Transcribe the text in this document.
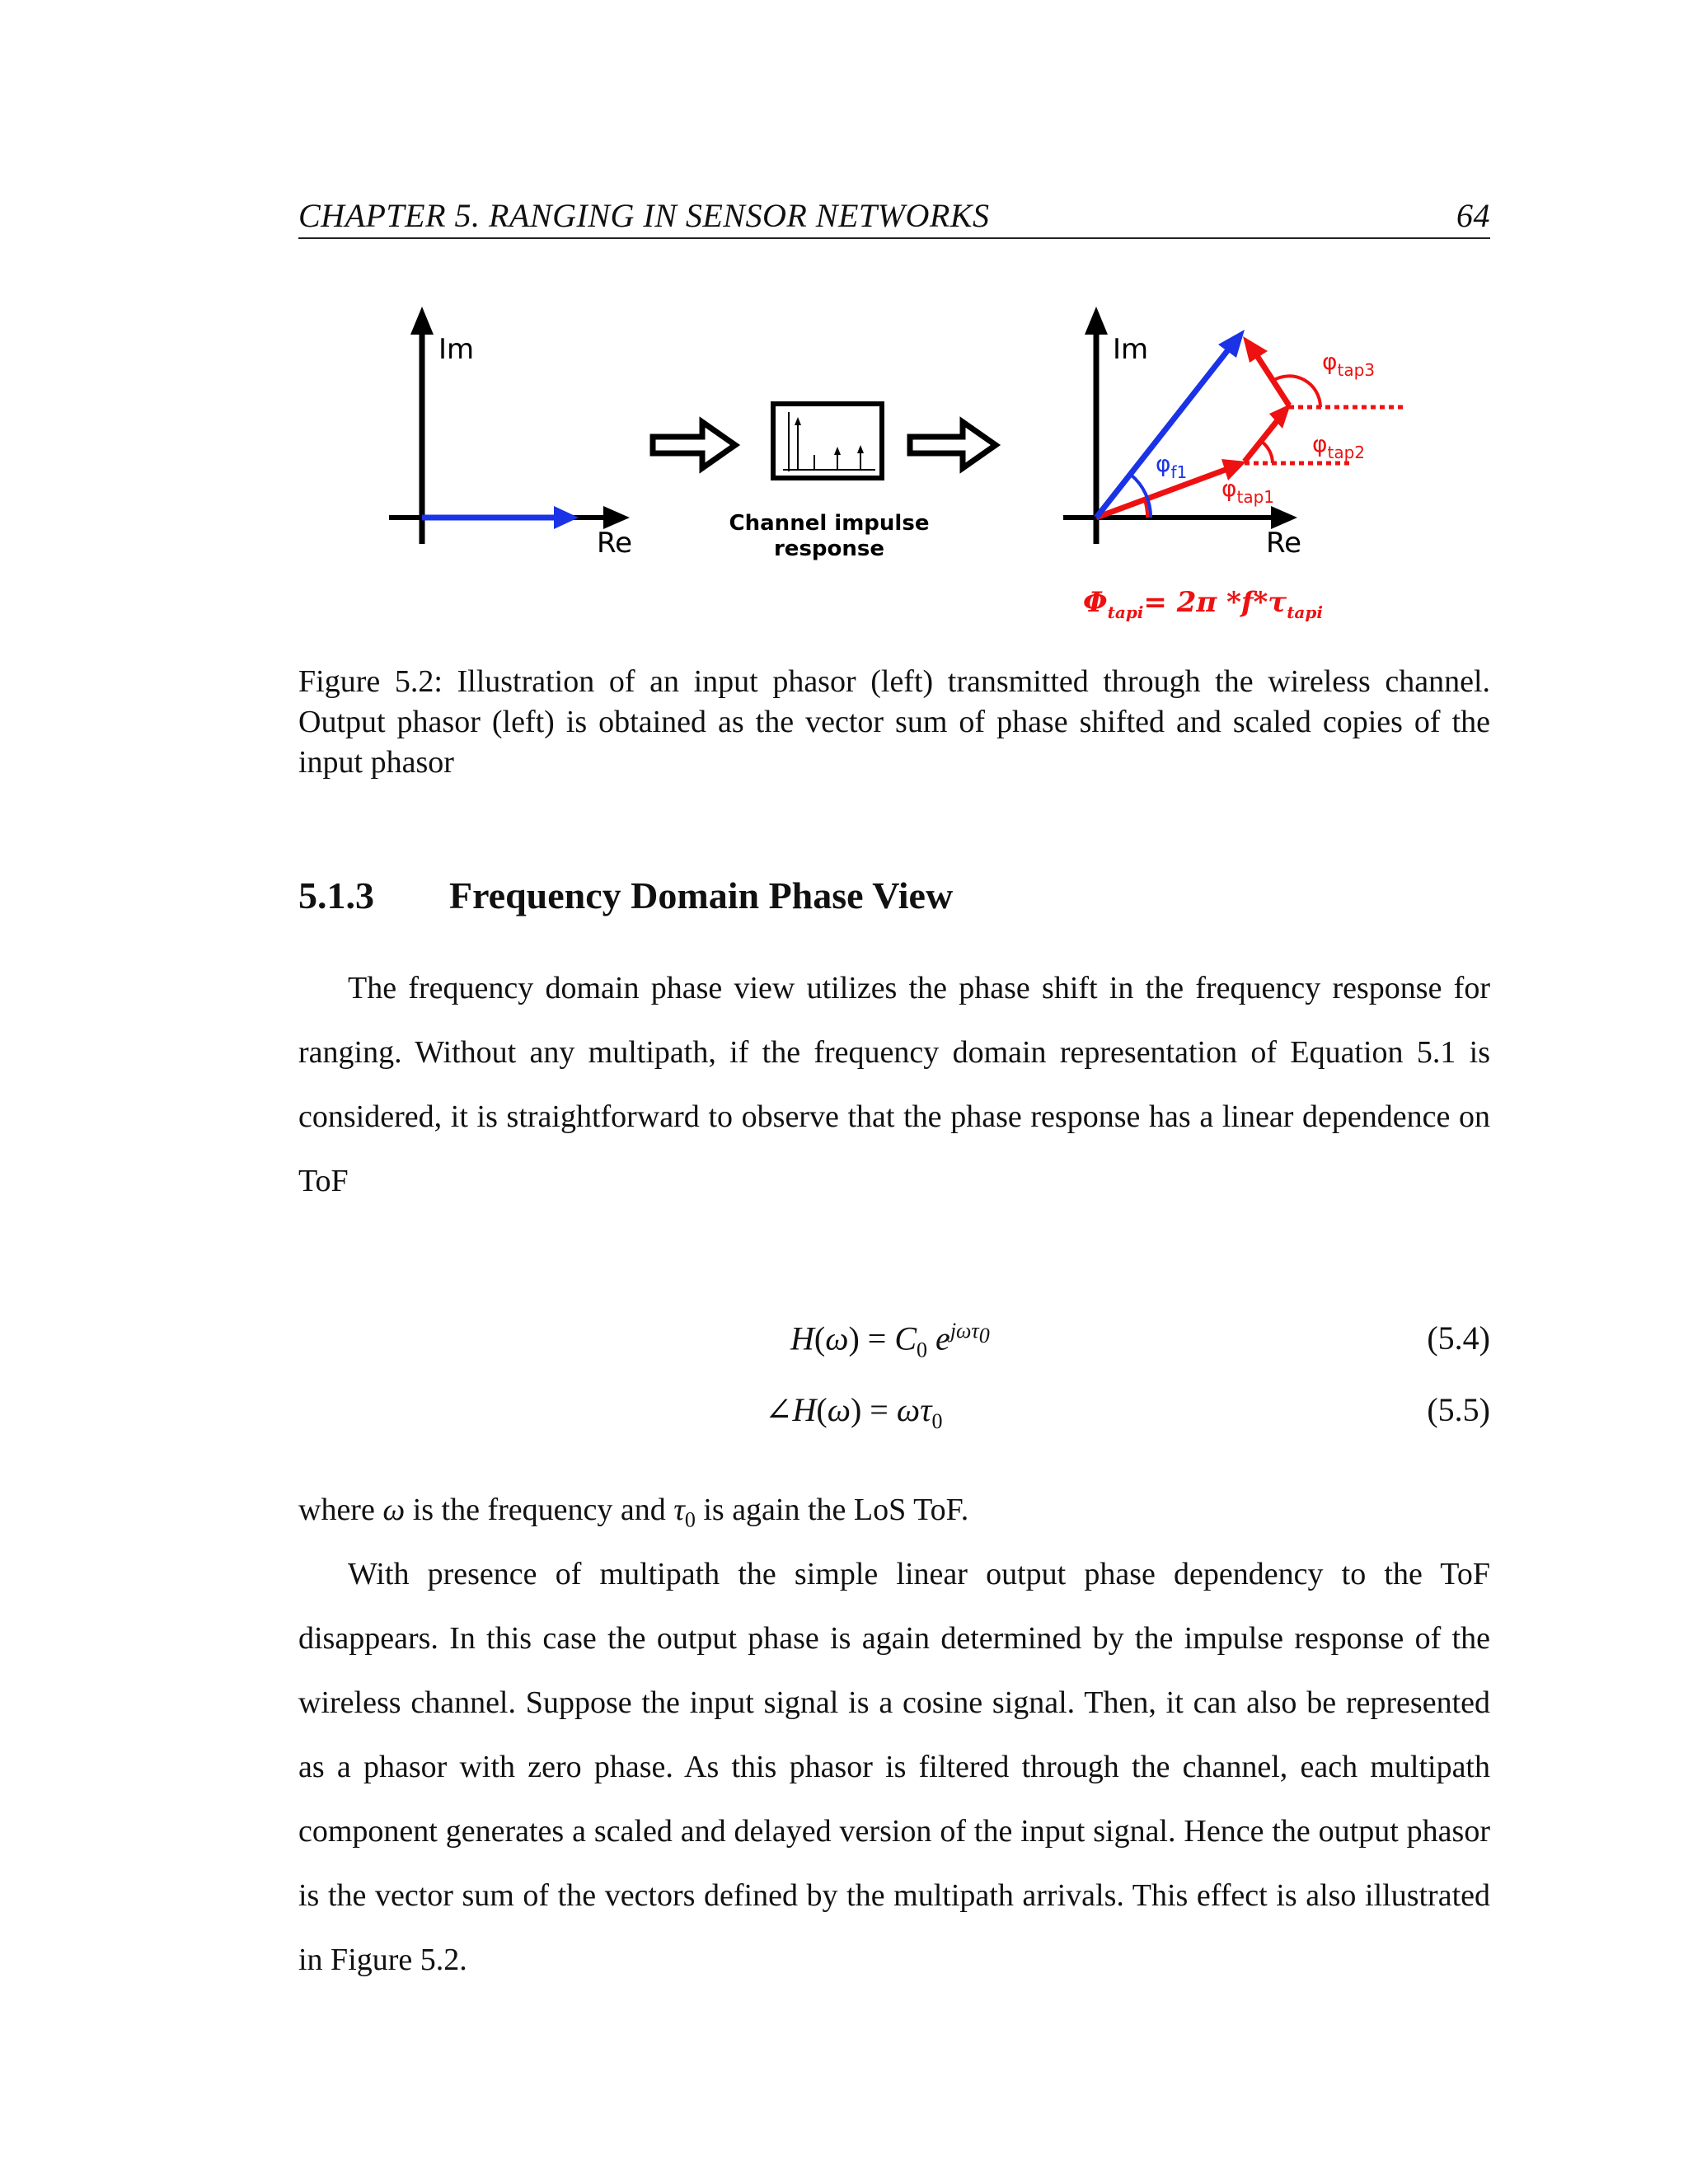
CHAPTER 5. RANGING IN SENSOR NETWORKS	64
Im
Re
Channel impulse
response
Im
Re
$\varphi_{f1}$
$\varphi_{tap1}$
$\varphi_{tap2}$
$\varphi_{tap3}$
$\Phi_{tapi}= 2\pi$ $*f*\tau_{tapi}$
Figure 5.2: Illustration of an input phasor (left) transmitted through the wireless channel. Output phasor (left) is obtained as the vector sum of phase shifted and scaled copies of the input phasor
5.1.3 Frequency Domain Phase View
The frequency domain phase view utilizes the phase shift in the frequency response for ranging. Without any multipath, if the frequency domain representation of Equation 5.1 is considered, it is straightforward to observe that the phase response has a linear dependence on ToF
$H(\omega) = C_0$ $e^{j\omega\tau_0}$	(5.4)
∠H(ω) = $\omega\tau_0$	(5.5)
where ω is the frequency and $\tau_0$ is again the LoS ToF.
With presence of multipath the simple linear output phase dependency to the ToF disappears. In this case the output phase is again determined by the impulse response of the wireless channel. Suppose the input signal is a cosine signal. Then, it can also be represented as a phasor with zero phase. As this phasor is filtered through the channel, each multipath component generates a scaled and delayed version of the input signal. Hence the output phasor is the vector sum of the vectors defined by the multipath arrivals. This effect is also illustrated in Figure 5.2.
